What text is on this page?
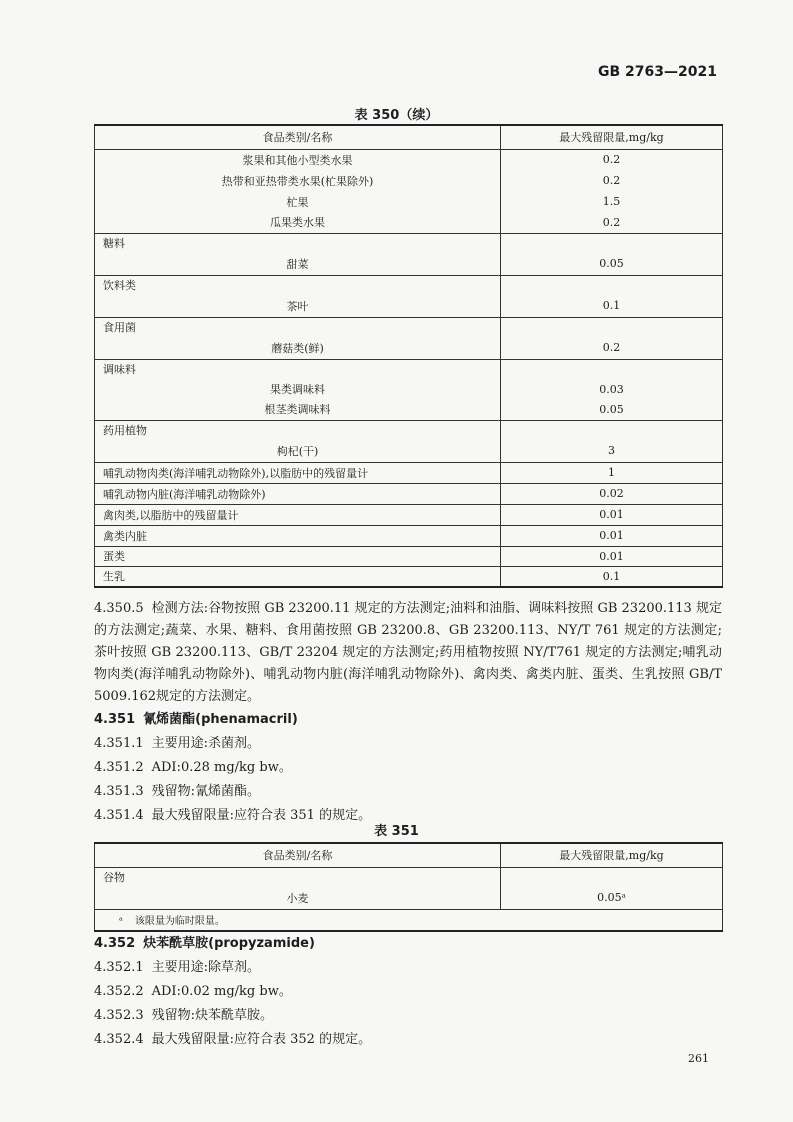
GB 2763—2021
表 350（续）
食品类别/名称	最大残留限量,mg/kg
浆果和其他小型类水果	0.2
热带和亚热带类水果(杧果除外)	0.2
杧果	1.5
瓜果类水果	0.2
糖料	
甜菜	0.05
饮料类	
茶叶	0.1
食用菌	
蘑菇类(鲜)	0.2
调味料	
果类调味料	0.03
根茎类调味料	0.05
药用植物	
枸杞(干)	3
哺乳动物肉类(海洋哺乳动物除外),以脂肪中的残留量计	1
哺乳动物内脏(海洋哺乳动物除外)	0.02
禽肉类,以脂肪中的残留量计	0.01
禽类内脏	0.01
蛋类	0.01
生乳	0.1
4.350.5 检测方法:谷物按照 GB 23200.11 规定的方法测定;油料和油脂、调味料按照 GB 23200.113 规定的方法测定;蔬菜、水果、糖料、食用菌按照 GB 23200.8、GB 23200.113、NY/T 761 规定的方法测定;茶叶按照 GB 23200.113、GB/T 23204 规定的方法测定;药用植物按照 NY/T761 规定的方法测定;哺乳动物肉类(海洋哺乳动物除外)、哺乳动物内脏(海洋哺乳动物除外)、禽肉类、禽类内脏、蛋类、生乳按照 GB/T 5009.162规定的方法测定。
4.351 氰烯菌酯(phenamacril)
4.351.1 主要用途:杀菌剂。
4.351.2 ADI:0.28 mg/kg bw。
4.351.3 残留物:氰烯菌酯。
4.351.4 最大残留限量:应符合表 351 的规定。
表 351
食品类别/名称	最大残留限量,mg/kg
谷物	
小麦	0.05ᵃ
ᵃ 该限量为临时限量。	
4.352 炔苯酰草胺(propyzamide)
4.352.1 主要用途:除草剂。
4.352.2 ADI:0.02 mg/kg bw。
4.352.3 残留物:炔苯酰草胺。
4.352.4 最大残留限量:应符合表 352 的规定。
261
